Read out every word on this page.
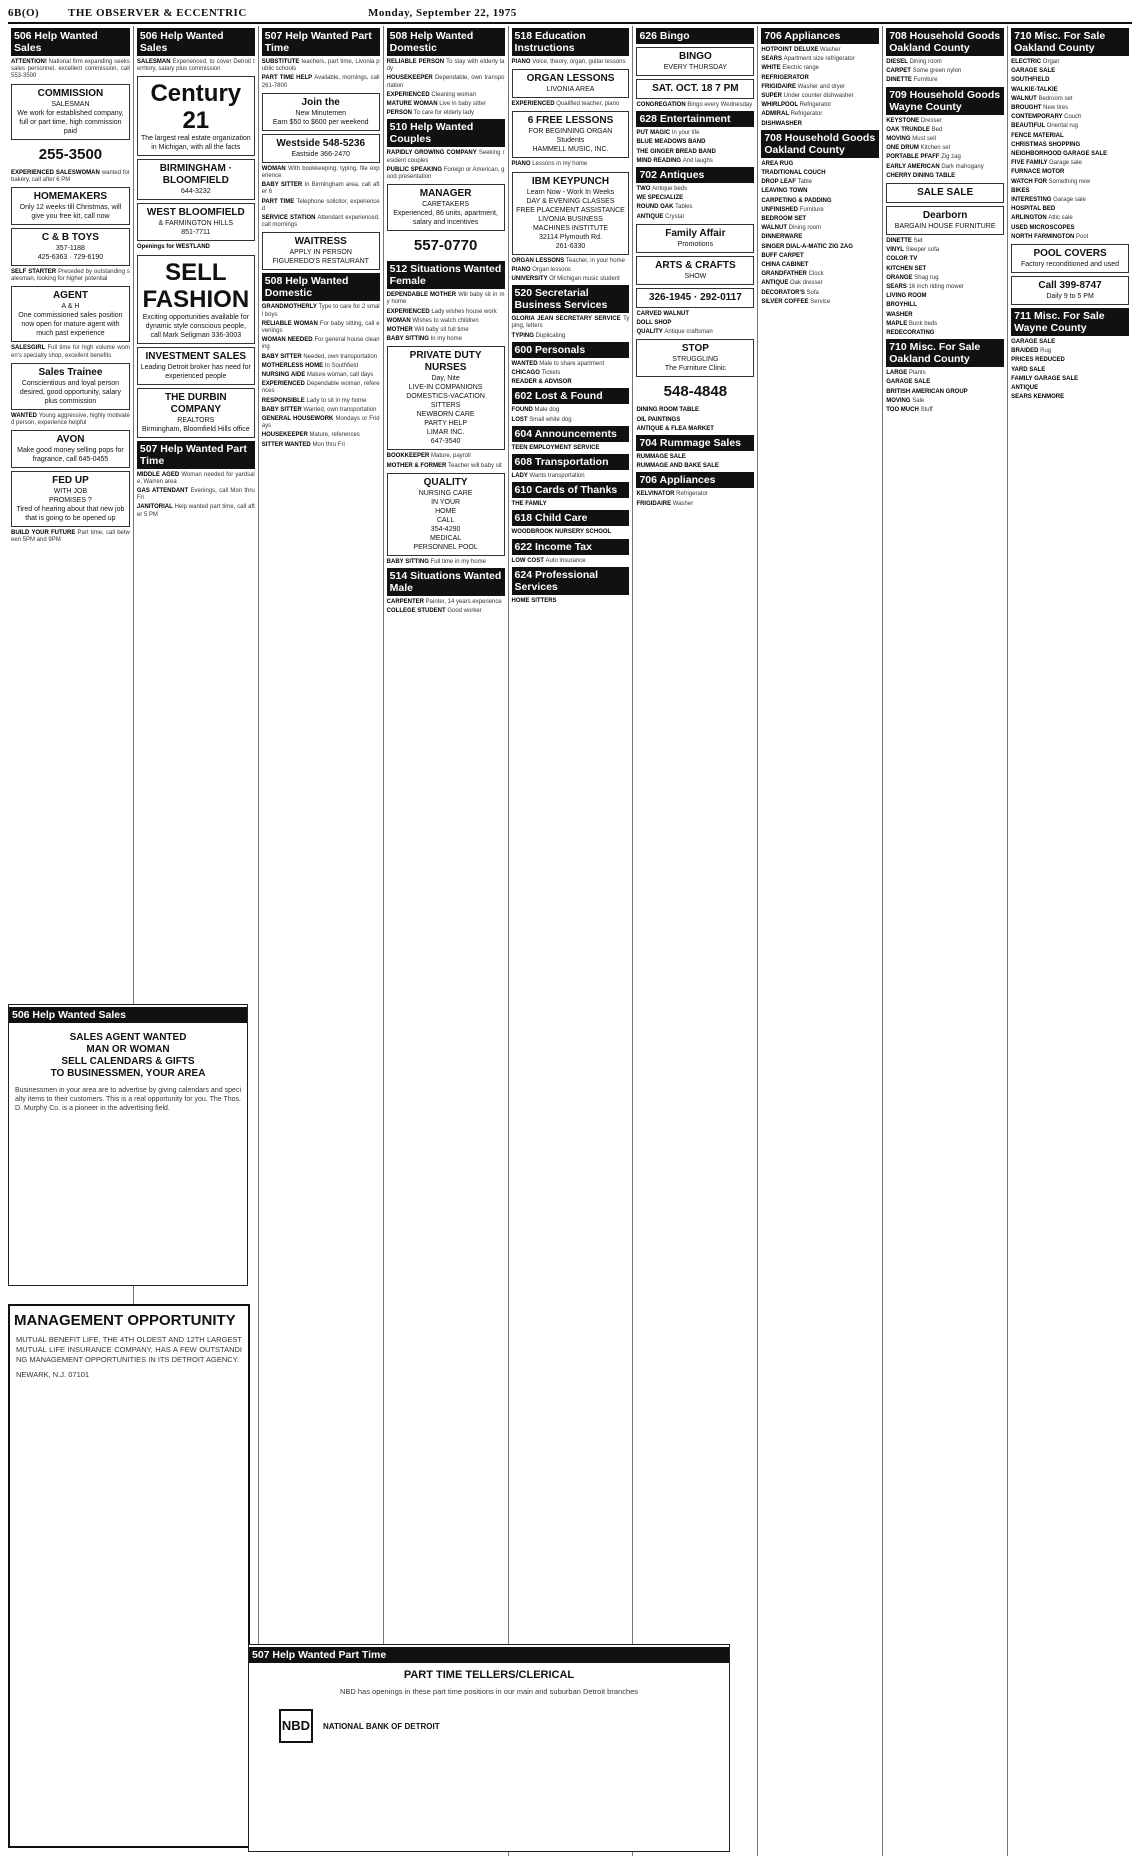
6B(O)	THE OBSERVER & ECCENTRIC	Monday, September 22, 1975
506 Help Wanted Sales

ATTENTION! National firm expanding seeks sales personnel, excellent commission, call 553-3500

COMMISSION
SALESMAN
We work for established company, full or part time, high commission paid
255-3500

EXPERIENCED SALESWOMAN wanted for bakery, call after 6 PM

HOMEMAKERS
Only 12 weeks till Christmas, will give you free kit, call now
C & B TOYS
357-1188
425-6363 · 729-6190

SELF STARTER Preceded by outstanding salesman, looking for higher potential

AGENT
A & H
One commissioned sales position now open for mature agent with much past experience

SALESGIRL Full time for high volume women's specialty shop, excellent benefits

Sales Trainee
Conscientious and loyal person desired, good opportunity, salary plus commission

WANTED Young aggressive, highly motivated person, experience helpful

AVON
Make good money selling pops for fragrance, call 645-0455
FED UP
WITH JOB
PROMISES ?
Tired of hearing about that new job that is going to be opened up

BUILD YOUR FUTURE Part time, call between 5PM and 9PM

506 Help Wanted Sales

SALESMAN Experienced, to cover Detroit territory, salary plus commission

Century 21
The largest real estate organization in Michigan, with all the facts
BIRMINGHAM · BLOOMFIELD
644-3232
WEST BLOOMFIELD
& FARMINGTON HILLS
851-7711

Openings for WESTLAND

SELL
FASHION
Exciting opportunities available for dynamic style conscious people, call Mark Seligman 336-3003
INVESTMENT SALES
Leading Detroit broker has need for experienced people
THE DURBIN COMPANY
REALTORS
Birmingham, Bloomfield Hills office
507 Help Wanted Part Time

MIDDLE AGED Woman needed for yardsale, Warren area

GAS ATTENDANT Evenings, call Mon thru Fri

JANITORIAL Help wanted part time, call after 5 PM

507 Help Wanted Part Time

SUBSTITUTE teachers, part time, Livonia public schools

PART TIME HELP Available, mornings, call 261-7800

Join the
New Minutemen
Earn $50 to $600 per weekend
Westside 548-5236
Eastside 366-2470

WOMAN With bookkeeping, typing, file experience

BABY SITTER In Birmingham area, call after 6

PART TIME Telephone solicitor, experienced

SERVICE STATION Attendant experienced, call mornings

WAITRESS
APPLY IN PERSON
FIGUEREDO'S RESTAURANT
508 Help Wanted Domestic

GRANDMOTHERLY Type to care for 2 small boys

RELIABLE WOMAN For baby sitting, call evenings

WOMAN NEEDED For general house cleaning

BABY SITTER Needed, own transportation

MOTHERLESS HOME In Southfield

NURSING AIDE Mature woman, call days

EXPERIENCED Dependable woman, references

RESPONSIBLE Lady to sit in my home

BABY SITTER Wanted, own transportation

GENERAL HOUSEWORK Mondays or Fridays

HOUSEKEEPER Mature, references

SITTER WANTED Mon thru Fri

508 Help Wanted Domestic

RELIABLE PERSON To stay with elderly lady

HOUSEKEEPER Dependable, own transportation

EXPERIENCED Cleaning woman

MATURE WOMAN Live in baby sitter

PERSON To care for elderly lady

510 Help Wanted Couples

RAPIDLY GROWING COMPANY Seeking resident couples

PUBLIC SPEAKING Foreign or American, good presentation

MANAGER
CARETAKERS
Experienced, 86 units, apartment, salary and incentives
557-0770
512 Situations Wanted Female

DEPENDABLE MOTHER Will baby sit in my home

EXPERIENCED Lady wishes house work

WOMAN Wishes to watch children

MOTHER Will baby sit full time

BABY SITTING In my home

PRIVATE DUTY NURSES
Day, Nite
LIVE-IN COMPANIONS
DOMESTICS-VACATION
SITTERS
NEWBORN CARE
PARTY HELP
LIMAR INC.
647-3540

BOOKKEEPER Mature, payroll

MOTHER & FORMER Teacher will baby sit

QUALITY
NURSING CARE
IN YOUR
HOME
CALL
354-4290
MEDICAL
PERSONNEL POOL

BABY SITTING Full time in my home

514 Situations Wanted Male

CARPENTER Painter, 14 years experience

COLLEGE STUDENT Good worker

518 Education Instructions

PIANO Voice, theory, organ, guitar lessons

ORGAN LESSONS
LIVONIA AREA

EXPERIENCED Qualified teacher, piano

6 FREE LESSONS
FOR BEGINNING ORGAN Students
HAMMELL MUSIC, INC.

PIANO Lessons in my home

IBM KEYPUNCH
Learn Now - Work In Weeks
DAY & EVENING CLASSES
FREE PLACEMENT ASSISTANCE
LIVONIA BUSINESS
MACHINES INSTITUTE
32114 Plymouth Rd.
261-6330

ORGAN LESSONS Teacher, in your home

PIANO Organ lessons

UNIVERSITY Of Michigan music student

520 Secretarial Business Services

GLORIA JEAN SECRETARY SERVICE Typing, letters

TYPING Duplicating

600 Personals

WANTED Male to share apartment

CHICAGO Tickets

READER & ADVISOR

602 Lost & Found

FOUND Male dog

LOST Small white dog

604 Announcements

TEEN EMPLOYMENT SERVICE

608 Transportation

LADY Wants transportation

610 Cards of Thanks

THE FAMILY

618 Child Care

WOODBROOK NURSERY SCHOOL

622 Income Tax

LOW COST Auto insurance

624 Professional Services

HOME SITTERS

626 Bingo
BINGO
EVERY THURSDAY
SAT. OCT. 18 7 PM

CONGREGATION Bingo every Wednesday

628 Entertainment

PUT MAGIC In your life

BLUE MEADOWS BAND

THE GINGER BREAD BAND

MIND READING And laughs

702 Antiques

TWO Antique beds

WE SPECIALIZE

ROUND OAK Tables

ANTIQUE Crystal

Family Affair
Promotions
ARTS & CRAFTS
SHOW
326-1945 · 292-0117

CARVED WALNUT

DOLL SHOP

QUALITY Antique craftsman

STOP
STRUGGLING
The Furniture Clinic
548-4848

DINING ROOM TABLE

OIL PAINTINGS

ANTIQUE & FLEA MARKET

704 Rummage Sales

RUMMAGE SALE

RUMMAGE AND BAKE SALE

706 Appliances

KELVINATOR Refrigerator

FRIGIDAIRE Washer

706 Appliances

HOTPOINT DELUXE Washer

SEARS Apartment size refrigerator

WHITE Electric range

REFRIGERATOR

FRIGIDAIRE Washer and dryer

SUPER Under counter dishwasher

WHIRLPOOL Refrigerator

ADMIRAL Refrigerator

DISHWASHER

708 Household Goods Oakland County

AREA RUG

TRADITIONAL COUCH

DROP LEAF Table

LEAVING TOWN

CARPETING & PADDING

UNFINISHED Furniture

BEDROOM SET

WALNUT Dining room

DINNERWARE

SINGER DIAL-A-MATIC ZIG ZAG

BUFF CARPET

CHINA CABINET

GRANDFATHER Clock

ANTIQUE Oak dresser

DECORATOR'S Sofa

SILVER COFFEE Service

708 Household Goods Oakland County

DIESEL Dining room

CARPET Some green nylon

DINETTE Furniture

709 Household Goods Wayne County

KEYSTONE Dresser

OAK TRUNDLE Bed

MOVING Must sell

ONE DRUM Kitchen set

PORTABLE PFAFF Zig zag

EARLY AMERICAN Dark mahogany

CHERRY DINING TABLE

SALE SALE
Dearborn
BARGAIN HOUSE FURNITURE

DINETTE Set

VINYL Sleeper sofa

COLOR TV

KITCHEN SET

ORANGE Shag rug

SEARS 16 inch riding mower

LIVING ROOM

BROYHILL

WASHER

MAPLE Bunk beds

REDECORATING

710 Misc. For Sale Oakland County

LARGE Plants

GARAGE SALE

BRITISH AMERICAN GROUP

MOVING Sale

TOO MUCH Stuff

710 Misc. For Sale Oakland County

ELECTRIC Organ

GARAGE SALE

SOUTHFIELD

WALKIE-TALKIE

WALNUT Bedroom set

BROUGHT New tires

CONTEMPORARY Couch

BEAUTIFUL Oriental rug

FENCE MATERIAL

CHRISTMAS SHOPPING

NEIGHBORHOOD GARAGE SALE

FIVE FAMILY Garage sale

FURNACE MOTOR

WATCH FOR Something new

BIKES

INTERESTING Garage sale

HOSPITAL BED

ARLINGTON Attic sale

USED MICROSCOPES

NORTH FARMINGTON Pool

POOL COVERS
Factory reconditioned and used
Call 399-8747
Daily 9 to 5 PM
711 Misc. For Sale Wayne County

GARAGE SALE

BRAIDED Rug

PRICES REDUCED

YARD SALE

FAMILY GARAGE SALE

ANTIQUE

SEARS KENMORE

506 Help Wanted Sales
SALES AGENT WANTED
MAN OR WOMAN
SELL CALENDARS & GIFTS
TO BUSINESSMEN, YOUR AREA
Businessmen in your area are to advertise by giving calendars and specialty items to their customers. This is a real opportunity for you. The Thos. D. Murphy Co. is a pioneer in the advertising field.
MANAGEMENT OPPORTUNITY
MUTUAL BENEFIT LIFE, THE 4TH OLDEST AND 12TH LARGEST MUTUAL LIFE INSURANCE COMPANY, HAS A FEW OUTSTANDING MANAGEMENT OPPORTUNITIES IN ITS DETROIT AGENCY.
NEWARK, N.J. 07101
507 Help Wanted Part Time
PART TIME TELLERS/CLERICAL
NBD has openings in these part time positions in our main and suburban Detroit branches
NBD	NATIONAL BANK OF DETROIT
